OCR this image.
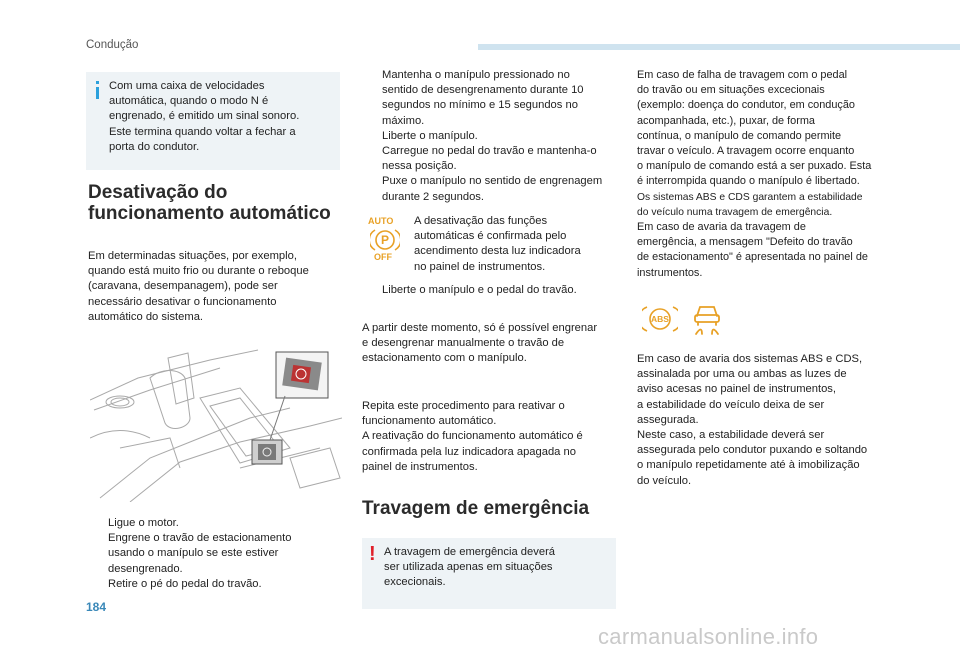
Condução

Com uma caixa de velocidades

automática, quando o modo N é

engrenado, é emitido um sinal sonoro.

Este termina quando voltar a fechar a

porta do condutor.

Desativação do

funcionamento automático

Em determinadas situações, por exemplo,

quando está muito frio ou durante o reboque

(caravana, desempanagem), pode ser

necessário desativar o funcionamento

automático do sistema.

Ligue o motor.

Engrene o travão de estacionamento

usando o manípulo se este estiver

desengrenado.

Retire o pé do pedal do travão.

Mantenha o manípulo pressionado no

sentido de desengrenamento durante 10

segundos no mínimo e 15 segundos no

máximo.

Liberte o manípulo.

Carregue no pedal do travão e mantenha-o

nessa posição.

Puxe o manípulo no sentido de engrenagem

durante 2 segundos.

AUTO
P
OFF

A desativação das funções

automáticas é confirmada pelo

acendimento desta luz indicadora

no painel de instrumentos.

Liberte o manípulo e o pedal do travão.

A partir deste momento, só é possível engrenar

e desengrenar manualmente o travão de

estacionamento com o manípulo.

Repita este procedimento para reativar o

funcionamento automático.

A reativação do funcionamento automático é

confirmada pela luz indicadora apagada no

painel de instrumentos.

Travagem de emergência
! A travagem de emergência deverá

ser utilizada apenas em situações

excecionais.

Em caso de falha de travagem com o pedal

do travão ou em situações excecionais

(exemplo: doença do condutor, em condução

acompanhada, etc.), puxar, de forma

contínua, o manípulo de comando permite

travar o veículo. A travagem ocorre enquanto

o manípulo de comando está a ser puxado. Esta

é interrompida quando o manípulo é libertado.

Os sistemas ABS e CDS garantem a estabilidade

do veículo numa travagem de emergência.

Em caso de avaria da travagem de

emergência, a mensagem "Defeito do travão

de estacionamento" é apresentada no painel de

instrumentos.

ABS

Em caso de avaria dos sistemas ABS e CDS,

assinalada por uma ou ambas as luzes de

aviso acesas no painel de instrumentos,

a estabilidade do veículo deixa de ser

assegurada.

Neste caso, a estabilidade deverá ser

assegurada pelo condutor puxando e soltando

o manípulo repetidamente até à imobilização

do veículo.

184
carmanualsonline.info
